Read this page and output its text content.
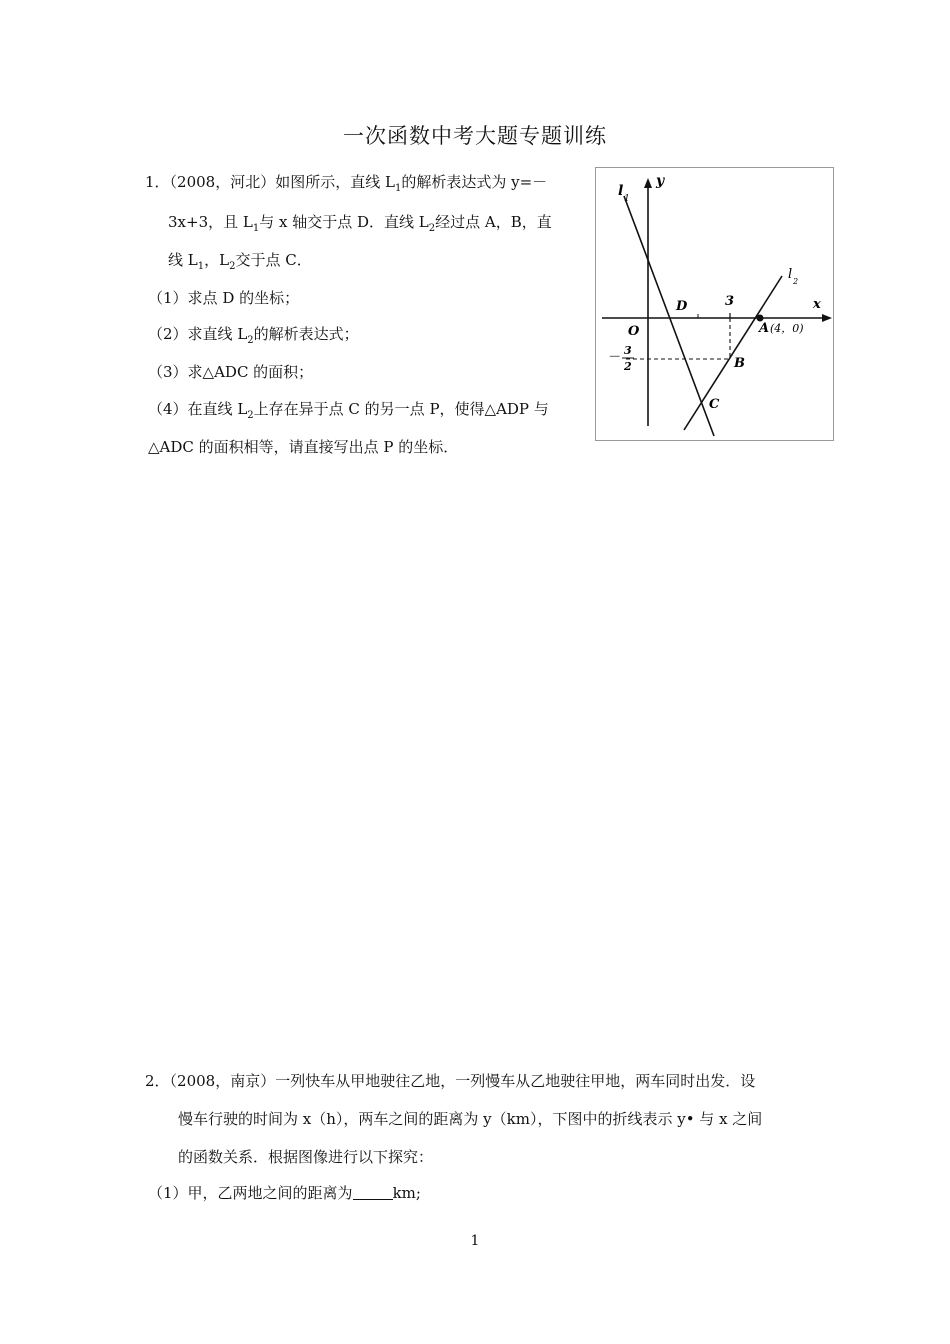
一次函数中考大题专题训练
1．（2008，河北）如图所示，直线 $L_1$的解析表达式为 y=－
3x+3，且 $L_1$与 x 轴交于点 D．直线 $L_2$经过点 A，B，直
线 $L_1$，$L_2$交于点 C．
（1）求点 D 的坐标；
（2）求直线 $L_2$的解析表达式；
（3）求△ADC 的面积；
（4）在直线 $L_2$上存在异于点 C 的另一点 P，使得△ADP 与
△ADC 的面积相等，请直接写出点 P 的坐标．
l 1
l 2
y
x
O
D	3
A (4，0)
－ 3
2	B
C
2．（2008，南京）一列快车从甲地驶往乙地，一列慢车从乙地驶往甲地，两车同时出发．设
慢车行驶的时间为 x（h），两车之间的距离为 y（km），下图中的折线表示 y• 与 x 之间
的函数关系．根据图像进行以下探究：
（1）甲，乙两地之间的距离为	km;
1
